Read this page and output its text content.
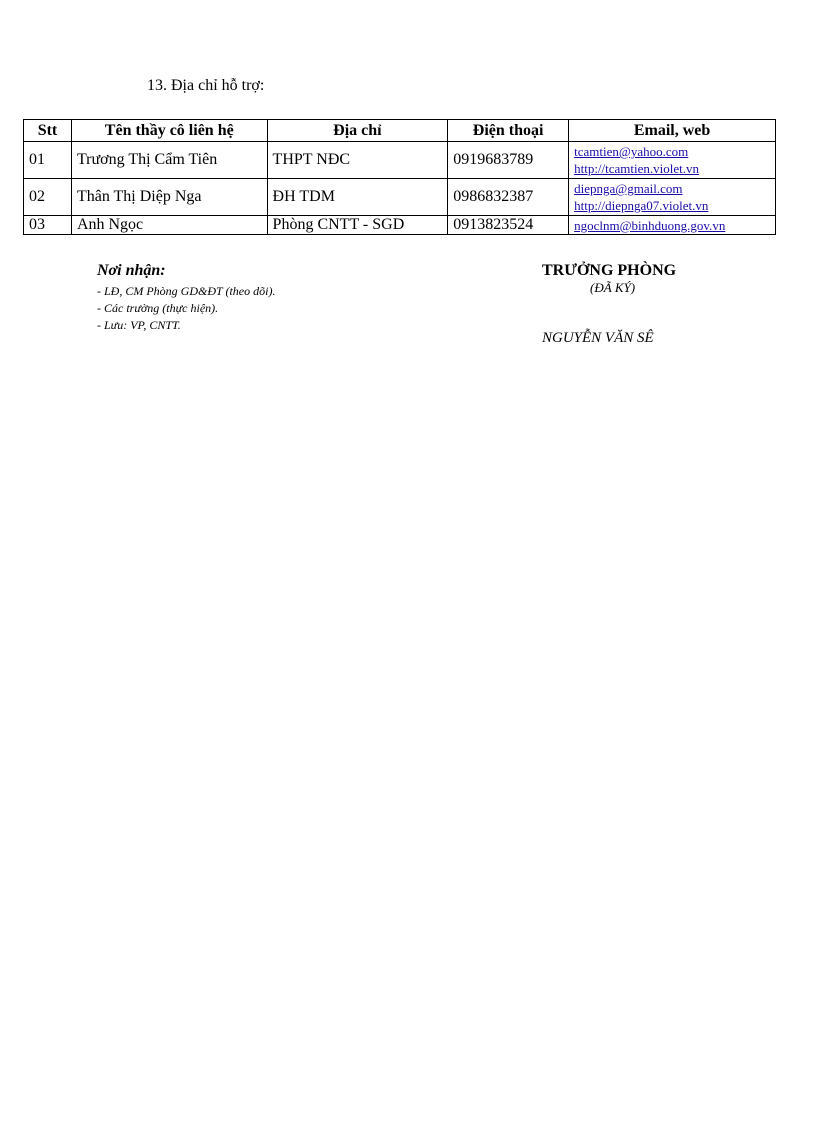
13. Địa chỉ hỗ trợ:
Stt	Tên thầy cô liên hệ	Địa chỉ	Điện thoại	Email, web
01	Trương Thị Cẩm Tiên	THPT NĐC	0919683789	tcamtien@yahoo.com
http://tcamtien.violet.vn

02	Thân Thị Diệp Nga	ĐH TDM	0986832387	diepnga@gmail.com
http://diepnga07.violet.vn

03	Anh Ngọc	Phòng CNTT - SGD	0913823524	ngoclnm@binhduong.gov.vn
Nơi nhận:
- LĐ, CM Phòng GD&ĐT (theo dõi).
- Các trường (thực hiện).
- Lưu: VP, CNTT.
TRƯỞNG PHÒNG
(ĐÃ KÝ)
NGUYỄN VĂN SÊ
